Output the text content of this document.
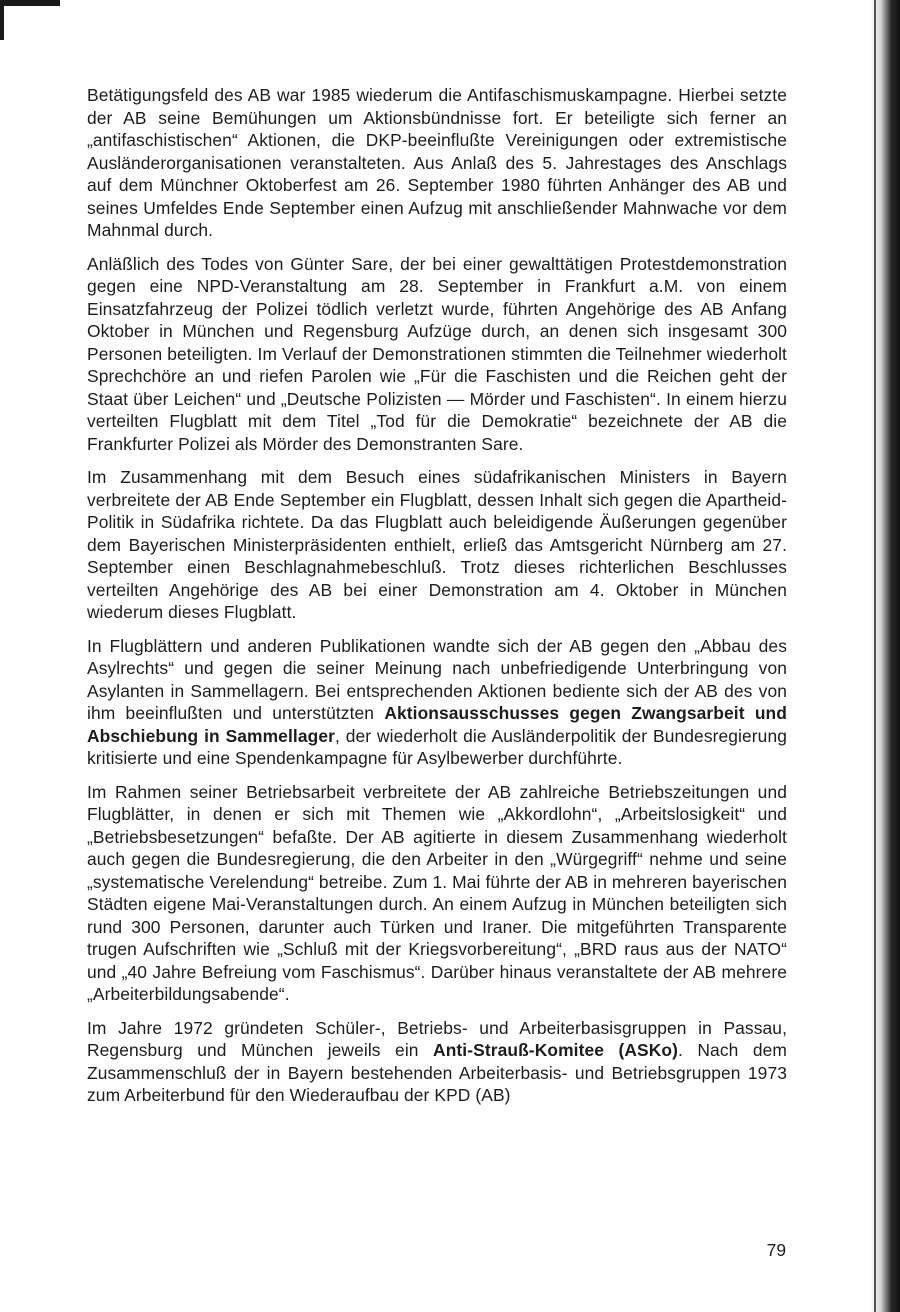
Betätigungsfeld des AB war 1985 wiederum die Antifaschismuskampagne. Hierbei setzte der AB seine Bemühungen um Aktionsbündnisse fort. Er beteiligte sich ferner an „antifaschistischen“ Aktionen, die DKP-beeinflußte Vereinigungen oder extremistische Ausländerorganisationen veranstalteten. Aus Anlaß des 5. Jahrestages des Anschlags auf dem Münchner Oktoberfest am 26. September 1980 führten Anhänger des AB und seines Umfeldes Ende September einen Aufzug mit anschließender Mahnwache vor dem Mahnmal durch.

Anläßlich des Todes von Günter Sare, der bei einer gewalttätigen Protestdemonstration gegen eine NPD-Veranstaltung am 28. September in Frankfurt a.M. von einem Einsatzfahrzeug der Polizei tödlich verletzt wurde, führten Angehörige des AB Anfang Oktober in München und Regensburg Aufzüge durch, an denen sich insgesamt 300 Personen beteiligten. Im Verlauf der Demonstrationen stimmten die Teilnehmer wiederholt Sprechchöre an und riefen Parolen wie „Für die Faschisten und die Reichen geht der Staat über Leichen“ und „Deutsche Polizisten — Mörder und Faschisten“. In einem hierzu verteilten Flugblatt mit dem Titel „Tod für die Demokratie“ bezeichnete der AB die Frankfurter Polizei als Mörder des Demonstranten Sare.

Im Zusammenhang mit dem Besuch eines südafrikanischen Ministers in Bayern verbreitete der AB Ende September ein Flugblatt, dessen Inhalt sich gegen die Apartheid-Politik in Südafrika richtete. Da das Flugblatt auch beleidigende Äußerungen gegenüber dem Bayerischen Ministerpräsidenten enthielt, erließ das Amtsgericht Nürnberg am 27. September einen Beschlagnahmebeschluß. Trotz dieses richterlichen Beschlusses verteilten Angehörige des AB bei einer Demonstration am 4. Oktober in München wiederum dieses Flugblatt.

In Flugblättern und anderen Publikationen wandte sich der AB gegen den „Abbau des Asylrechts“ und gegen die seiner Meinung nach unbefriedigende Unterbringung von Asylanten in Sammellagern. Bei entsprechenden Aktionen bediente sich der AB des von ihm beeinflußten und unterstützten Aktionsausschusses gegen Zwangsarbeit und Abschiebung in Sammellager, der wiederholt die Ausländerpolitik der Bundesregierung kritisierte und eine Spendenkampagne für Asylbewerber durchführte.

Im Rahmen seiner Betriebsarbeit verbreitete der AB zahlreiche Betriebszeitungen und Flugblätter, in denen er sich mit Themen wie „Akkordlohn“, „Arbeitslosigkeit“ und „Betriebsbesetzungen“ befaßte. Der AB agitierte in diesem Zusammenhang wiederholt auch gegen die Bundesregierung, die den Arbeiter in den „Würgegriff“ nehme und seine „systematische Verelendung“ betreibe. Zum 1. Mai führte der AB in mehreren bayerischen Städten eigene Mai-Veranstaltungen durch. An einem Aufzug in München beteiligten sich rund 300 Personen, darunter auch Türken und Iraner. Die mitgeführten Transparente trugen Aufschriften wie „Schluß mit der Kriegsvorbereitung“, „BRD raus aus der NATO“ und „40 Jahre Befreiung vom Faschismus“. Darüber hinaus veranstaltete der AB mehrere „Arbeiterbildungsabende“.

Im Jahre 1972 gründeten Schüler-, Betriebs- und Arbeiterbasisgruppen in Passau, Regensburg und München jeweils ein Anti-Strauß-Komitee (ASKo). Nach dem Zusammenschluß der in Bayern bestehenden Arbeiterbasis- und Betriebsgruppen 1973 zum Arbeiterbund für den Wiederaufbau der KPD (AB)

79
